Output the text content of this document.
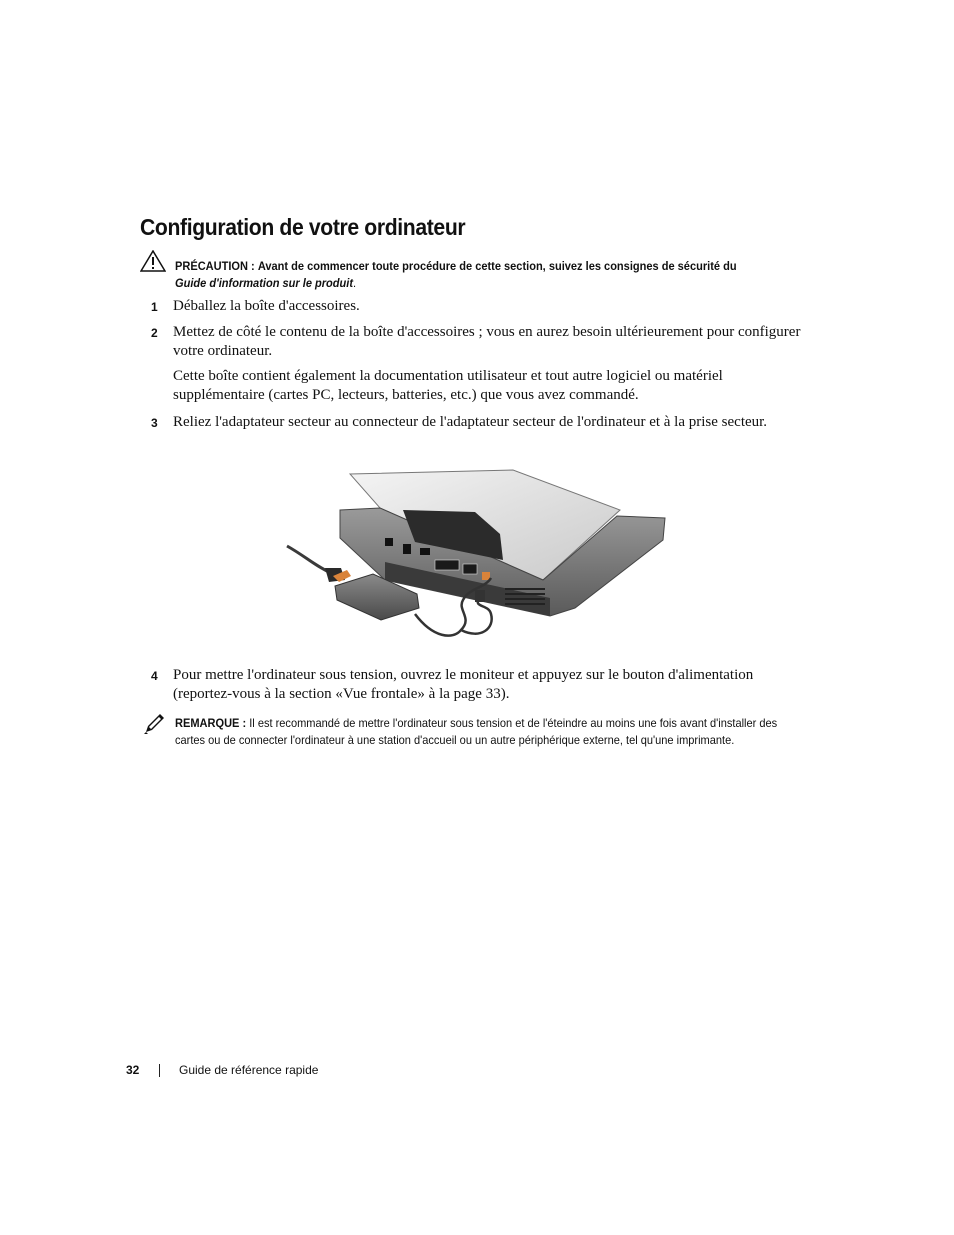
Configuration de votre ordinateur
PRÉCAUTION : Avant de commencer toute procédure de cette section, suivez les consignes de sécurité du
Guide d'information sur le produit.
1 Déballez la boîte d'accessoires.
2 Mettez de côté le contenu de la boîte d'accessoires ; vous en aurez besoin ultérieurement pour configurer votre ordinateur.
Cette boîte contient également la documentation utilisateur et tout autre logiciel ou matériel supplémentaire (cartes PC, lecteurs, batteries, etc.) que vous avez commandé.
3 Reliez l'adaptateur secteur au connecteur de l'adaptateur secteur de l'ordinateur et à la prise secteur.
4 Pour mettre l'ordinateur sous tension, ouvrez le moniteur et appuyez sur le bouton d'alimentation (reportez-vous à la section «Vue frontale» à la page 33).
REMARQUE : Il est recommandé de mettre l'ordinateur sous tension et de l'éteindre au moins une fois avant d'installer des cartes ou de connecter l'ordinateur à une station d'accueil ou un autre périphérique externe, tel qu'une imprimante.
32	Guide de référence rapide
